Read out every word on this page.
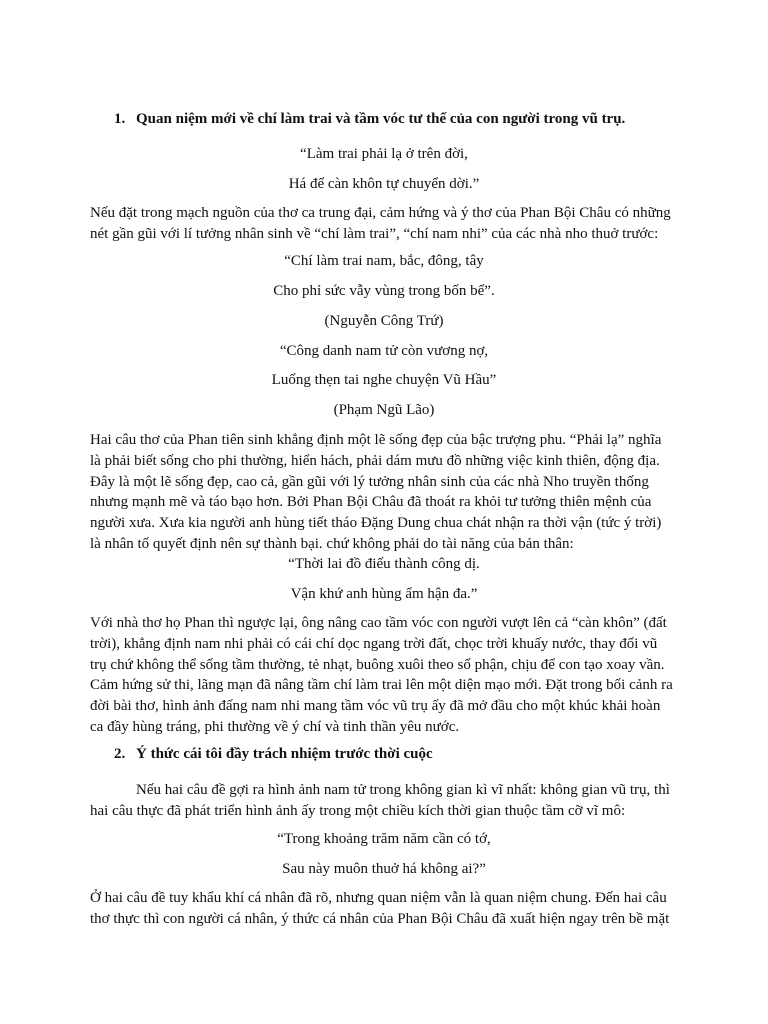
1. Quan niệm mới về chí làm trai và tầm vóc tư thế của con người trong vũ trụ.
“Làm trai phải lạ ở trên đời,
Há để càn khôn tự chuyển dời.”
Nếu đặt trong mạch nguồn của thơ ca trung đại, cảm hứng và ý thơ của Phan Bội Châu có những
nét gần gũi với lí tưởng nhân sinh về “chí làm trai”, “chí nam nhi” của các nhà nho thuở trước:
“Chí làm trai nam, bắc, đông, tây
Cho phỉ sức vẫy vùng trong bốn bể”.
(Nguyễn Công Trứ)
“Công danh nam tử còn vương nợ,
Luống thẹn tai nghe chuyện Vũ Hầu”
(Phạm Ngũ Lão)
Hai câu thơ của Phan tiên sinh khẳng định một lẽ sống đẹp của bậc trượng phu. “Phải lạ” nghĩa
là phải biết sống cho phi thường, hiển hách, phải dám mưu đồ những việc kinh thiên, động địa.
Đây là một lẽ sống đẹp, cao cả, gần gũi với lý tưởng nhân sinh của các nhà Nho truyền thống
nhưng mạnh mẽ và táo bạo hơn. Bởi Phan Bội Châu đã thoát ra khỏi tư tưởng thiên mệnh của
người xưa. Xưa kia người anh hùng tiết tháo Đặng Dung chua chát nhận ra thời vận (tức ý trời)
là nhân tố quyết định nên sự thành bại. chứ không phải do tài năng của bản thân:
“Thời lai đồ điếu thành công dị.
Vận khứ anh hùng ẩm hận đa.”
Với nhà thơ họ Phan thì ngược lại, ông nâng cao tầm vóc con người vượt lên cả “càn khôn” (đất
trời), khẳng định nam nhi phải có cái chí dọc ngang trời đất, chọc trời khuấy nước, thay đổi vũ
trụ chứ không thể sống tầm thường, tẻ nhạt, buông xuôi theo số phận, chịu để con tạo xoay vần.
Cảm hứng sử thi, lãng mạn đã nâng tầm chí làm trai lên một diện mạo mới. Đặt trong bối cảnh ra
đời bài thơ, hình ảnh đấng nam nhi mang tầm vóc vũ trụ ấy đã mở đầu cho một khúc khải hoàn
ca đầy hùng tráng, phi thường về ý chí và tinh thần yêu nước.
2. Ý thức cái tôi đầy trách nhiệm trước thời cuộc
Nếu hai câu đề gợi ra hình ảnh nam tử trong không gian kì vĩ nhất: không gian vũ trụ, thì
hai câu thực đã phát triển hình ảnh ấy trong một chiều kích thời gian thuộc tầm cỡ vĩ mô:
“Trong khoảng trăm năm cần có tớ,
Sau này muôn thuở há không ai?”
Ở hai câu đề tuy khẩu khí cá nhân đã rõ, nhưng quan niệm vẫn là quan niệm chung. Đến hai câu
thơ thực thì con người cá nhân, ý thức cá nhân của Phan Bội Châu đã xuất hiện ngay trên bề mặt
